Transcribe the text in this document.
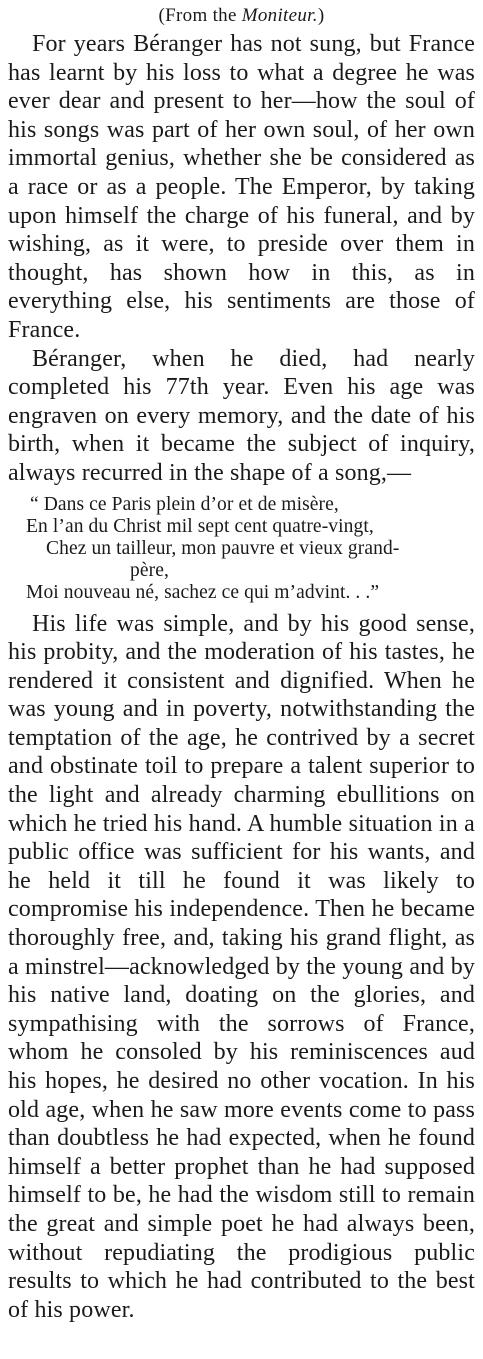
(From the Moniteur.)

For years Béranger has not sung, but France has learnt by his loss to what a degree he was ever dear and present to her—how the soul of his songs was part of her own soul, of her own immortal genius, whether she be considered as a race or as a people. The Emperor, by taking upon himself the charge of his funeral, and by wishing, as it were, to preside over them in thought, has shown how in this, as in everything else, his sentiments are those of France.

Béranger, when he died, had nearly completed his 77th year. Even his age was engraven on every memory, and the date of his birth, when it became the subject of inquiry, always recurred in the shape of a song,—

“ Dans ce Paris plein d’or et de misère,
En l’an du Christ mil sept cent quatre-vingt,
Chez un tailleur, mon pauvre et vieux grand-
père,
Moi nouveau né, sachez ce qui m’advint. . .”

His life was simple, and by his good sense, his probity, and the moderation of his tastes, he rendered it consistent and dignified. When he was young and in poverty, notwithstanding the temptation of the age, he contrived by a secret and obstinate toil to prepare a talent superior to the light and already charming ebullitions on which he tried his hand. A humble situation in a public office was sufficient for his wants, and he held it till he found it was likely to compromise his independence. Then he became thoroughly free, and, taking his grand flight, as a minstrel—acknowledged by the young and by his native land, doating on the glories, and sympathising with the sorrows of France, whom he consoled by his reminiscences aud his hopes, he desired no other vocation. In his old age, when he saw more events come to pass than doubtless he had expected, when he found himself a better prophet than he had supposed himself to be, he had the wisdom still to remain the great and simple poet he had always been, without repudiating the prodigious public results to which he had contributed to the best of his power.
